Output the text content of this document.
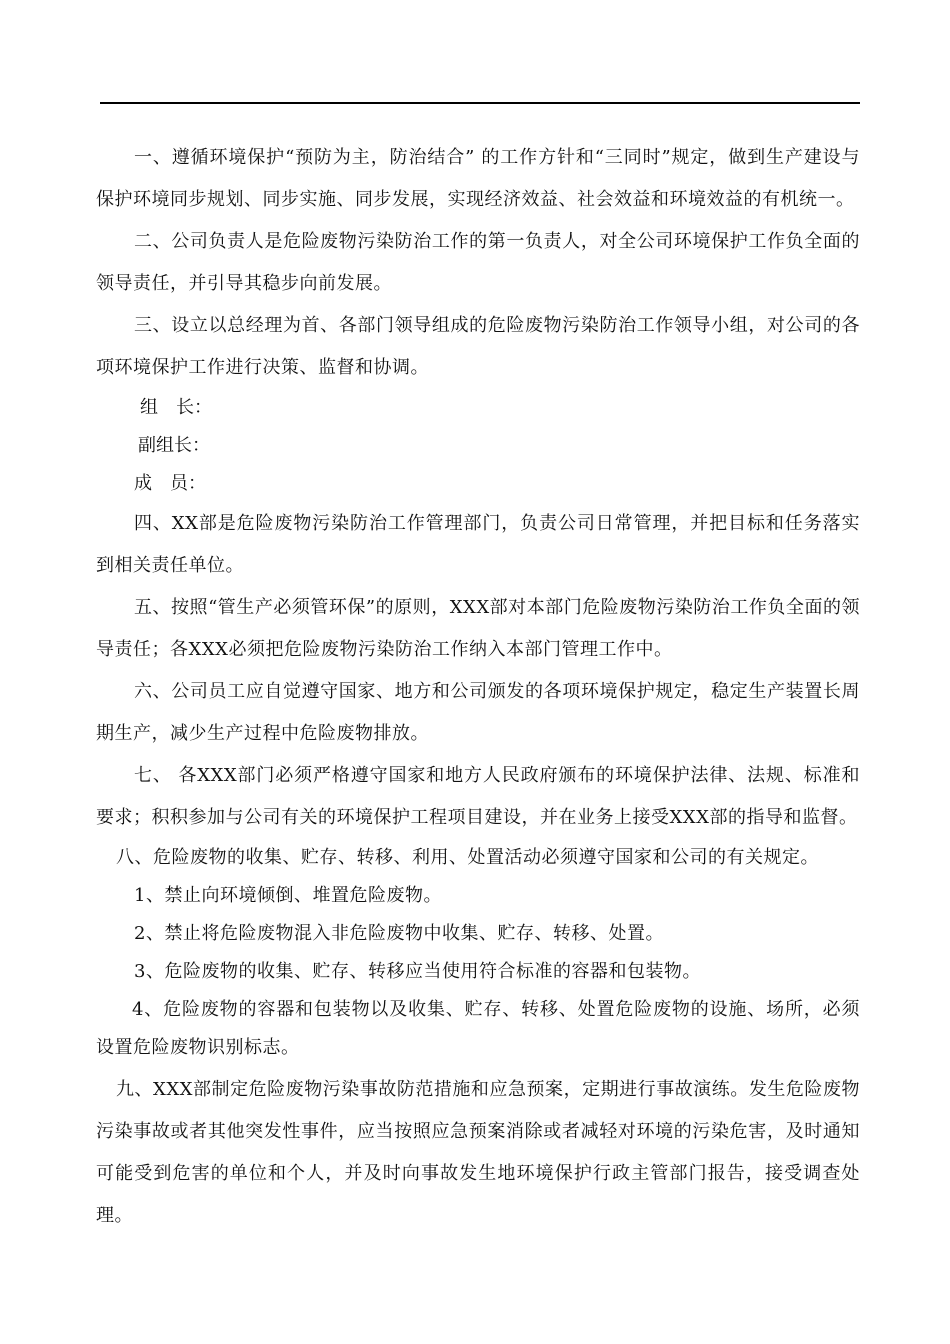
一、遵循环境保护“预防为主，防治结合” 的工作方针和“三同时”规定，做到生产建设与保护环境同步规划、同步实施、同步发展，实现经济效益、社会效益和环境效益的有机统一。

二、公司负责人是危险废物污染防治工作的第一负责人，对全公司环境保护工作负全面的领导责任，并引导其稳步向前发展。

三、设立以总经理为首、各部门领导组成的危险废物污染防治工作领导小组，对公司的各项环境保护工作进行决策、监督和协调。

组　长：

副组长：

成　员：

四、XX部是危险废物污染防治工作管理部门，负责公司日常管理，并把目标和任务落实到相关责任单位。

五、按照“管生产必须管环保”的原则，XXX部对本部门危险废物污染防治工作负全面的领导责任；各XXX必须把危险废物污染防治工作纳入本部门管理工作中。

六、公司员工应自觉遵守国家、地方和公司颁发的各项环境保护规定，稳定生产装置长周期生产，减少生产过程中危险废物排放。

七、 各XXX部门必须严格遵守国家和地方人民政府颁布的环境保护法律、法规、标准和要求；积积参加与公司有关的环境保护工程项目建设，并在业务上接受XXX部的指导和监督。

八、危险废物的收集、贮存、转移、利用、处置活动必须遵守国家和公司的有关规定。

1、禁止向环境倾倒、堆置危险废物。

2、禁止将危险废物混入非危险废物中收集、贮存、转移、处置。

3、危险废物的收集、贮存、转移应当使用符合标准的容器和包装物。

4、危险废物的容器和包装物以及收集、贮存、转移、处置危险废物的设施、场所，必须设置危险废物识别标志。

九、XXX部制定危险废物污染事故防范措施和应急预案，定期进行事故演练。发生危险废物污染事故或者其他突发性事件，应当按照应急预案消除或者减轻对环境的污染危害，及时通知可能受到危害的单位和个人，并及时向事故发生地环境保护行政主管部门报告，接受调查处理。
